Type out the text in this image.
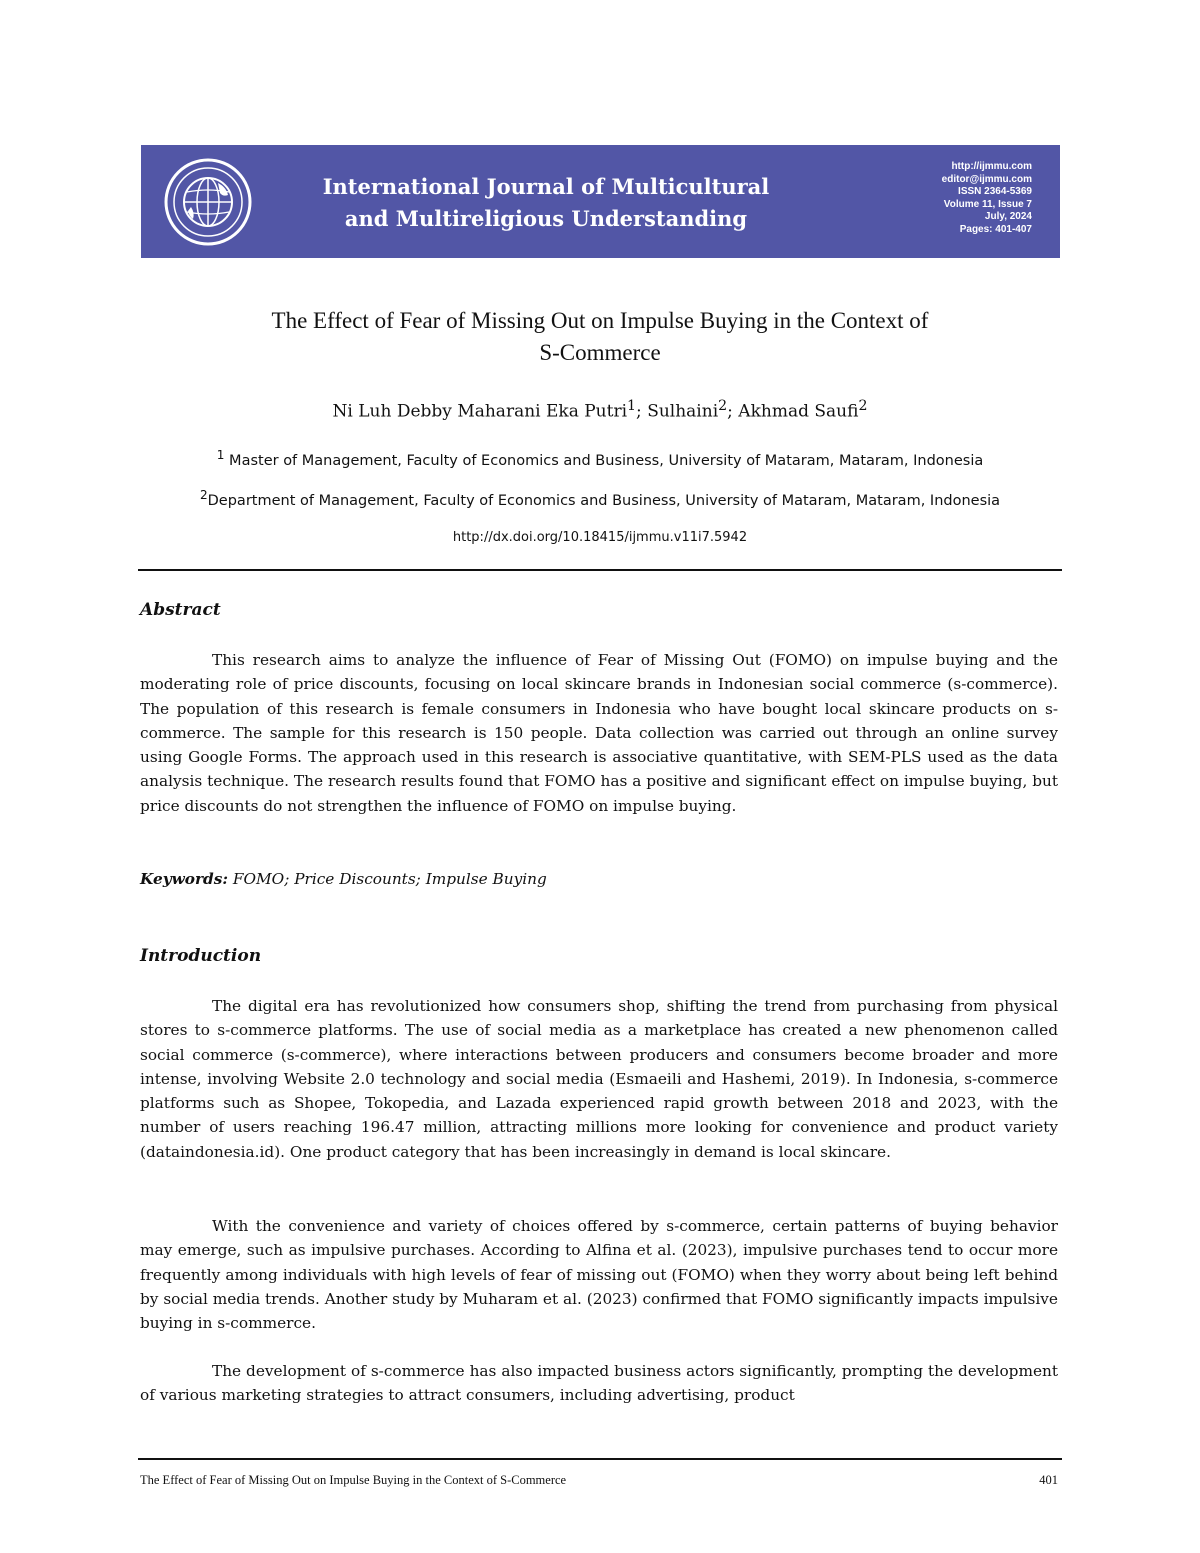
International Journal of Multicultural
and Multireligious Understanding
http://ijmmu.com
editor@ijmmu.com
ISSN 2364-5369
Volume 11, Issue 7
July, 2024
Pages: 401-407
The Effect of Fear of Missing Out on Impulse Buying in the Context of
S-Commerce
Ni Luh Debby Maharani Eka Putri$^1$; Sulhaini$^2$; Akhmad Saufi$^2$
$^1$ Master of Management, Faculty of Economics and Business, University of Mataram, Mataram, Indonesia
$^2$Department of Management, Faculty of Economics and Business, University of Mataram, Mataram, Indonesia
http://dx.doi.org/10.18415/ijmmu.v11i7.5942
Abstract

This research aims to analyze the influence of Fear of Missing Out (FOMO) on impulse buying and the moderating role of price discounts, focusing on local skincare brands in Indonesian social commerce (s-commerce). The population of this research is female consumers in Indonesia who have bought local skincare products on s-commerce. The sample for this research is 150 people. Data collection was carried out through an online survey using Google Forms. The approach used in this research is associative quantitative, with SEM-PLS used as the data analysis technique. The research results found that FOMO has a positive and significant effect on impulse buying, but price discounts do not strengthen the influence of FOMO on impulse buying.

Keywords: FOMO; Price Discounts; Impulse Buying
Introduction

The digital era has revolutionized how consumers shop, shifting the trend from purchasing from physical stores to s-commerce platforms. The use of social media as a marketplace has created a new phenomenon called social commerce (s-commerce), where interactions between producers and consumers become broader and more intense, involving Website 2.0 technology and social media (Esmaeili and Hashemi, 2019). In Indonesia, s-commerce platforms such as Shopee, Tokopedia, and Lazada experienced rapid growth between 2018 and 2023, with the number of users reaching 196.47 million, attracting millions more looking for convenience and product variety (dataindonesia.id). One product category that has been increasingly in demand is local skincare.

With the convenience and variety of choices offered by s-commerce, certain patterns of buying behavior may emerge, such as impulsive purchases. According to Alfina et al. (2023), impulsive purchases tend to occur more frequently among individuals with high levels of fear of missing out (FOMO) when they worry about being left behind by social media trends. Another study by Muharam et al. (2023) confirmed that FOMO significantly impacts impulsive buying in s-commerce.

The development of s-commerce has also impacted business actors significantly, prompting the development of various marketing strategies to attract consumers, including advertising, product

The Effect of Fear of Missing Out on Impulse Buying in the Context of S-Commerce	401
